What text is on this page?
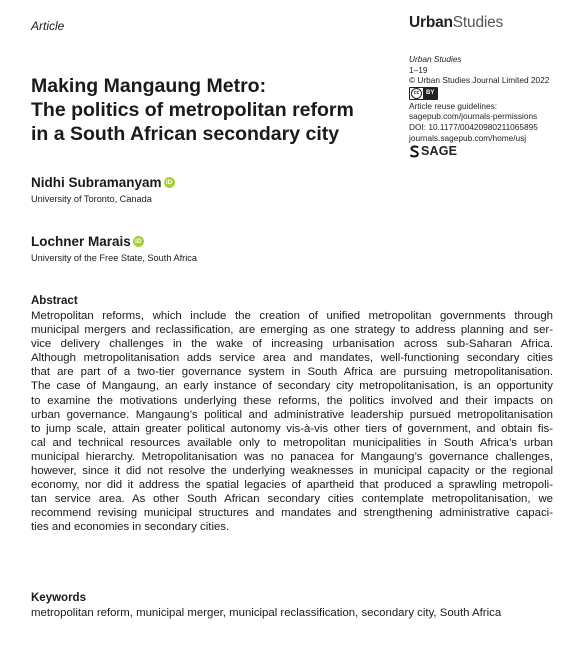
Article	UrbanStudies
Urban Studies
1–19
© Urban Studies Journal Limited 2022
cc	BY
Article reuse guidelines:
sagepub.com/journals-permissions
DOI: 10.1177/00420980211065895
journals.sagepub.com/home/usj
SAGE
Making Mangaung Metro:
The politics of metropolitan reform
in a South African secondary city
Nidhi Subramanyam iD
University of Toronto, Canada
Lochner Marais iD
University of the Free State, South Africa
Abstract
Metropolitan reforms, which include the creation of unified metropolitan governments through
municipal mergers and reclassification, are emerging as one strategy to address planning and ser-
vice delivery challenges in the wake of increasing urbanisation across sub-Saharan Africa.
Although metropolitanisation adds service area and mandates, well-functioning secondary cities
that are part of a two-tier governance system in South Africa are pursuing metropolitanisation.
The case of Mangaung, an early instance of secondary city metropolitanisation, is an opportunity
to examine the motivations underlying these reforms, the politics involved and their impacts on
urban governance. Mangaung’s political and administrative leadership pursued metropolitanisation
to jump scale, attain greater political autonomy vis-à-vis other tiers of government, and obtain fis-
cal and technical resources available only to metropolitan municipalities in South Africa’s urban
municipal hierarchy. Metropolitanisation was no panacea for Mangaung’s governance challenges,
however, since it did not resolve the underlying weaknesses in municipal capacity or the regional
economy, nor did it address the spatial legacies of apartheid that produced a sprawling metropoli-
tan service area. As other South African secondary cities contemplate metropolitanisation, we
recommend revising municipal structures and mandates and strengthening administrative capaci-
ties and economies in secondary cities.
Keywords
metropolitan reform, municipal merger, municipal reclassification, secondary city, South Africa
